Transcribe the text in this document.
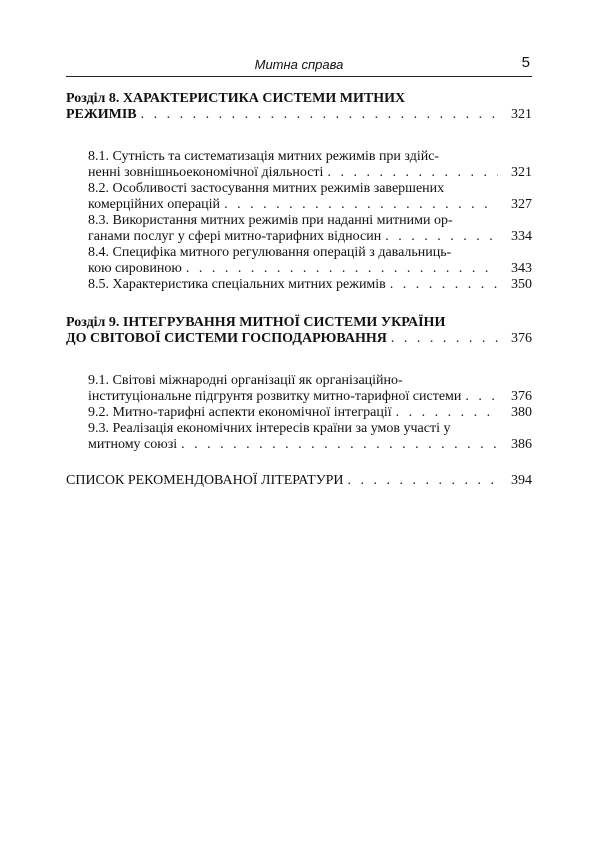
Митна справа	5
Розділ 8. ХАРАКТЕРИСТИКА СИСТЕМИ МИТНИХ
РЕЖИМІВ . . .	321
8.1. Сутність та систематизація митних режимів при здійс-
ненні зовнішньоекономічної діяльності . . .	321
8.2. Особливості застосування митних режимів завершених
комерційних операцій . . .	327
8.3. Використання митних режимів при наданні митними ор-
ганами послуг у сфері митно-тарифних відносин . . .	334
8.4. Специфіка митного регулювання операцій з давальниць-
кою сировиною . . .	343
8.5. Характеристика спеціальних митних режимів . . .	350
Розділ 9. ІНТЕГРУВАННЯ МИТНОЇ СИСТЕМИ УКРАЇНИ
ДО СВІТОВОЇ СИСТЕМИ ГОСПОДАРЮВАННЯ . . .	376
9.1. Світові міжнародні організації як організаційно-
інституціональне підгрунтя розвитку митно-тарифної системи . . .	376
9.2. Митно-тарифні аспекти економічної інтеграції . . .	380
9.3. Реалізація економічних інтересів країни за умов участі у
митному союзі . . .	386
СПИСОК РЕКОМЕНДОВАНОЇ ЛІТЕРАТУРИ . . .	394
